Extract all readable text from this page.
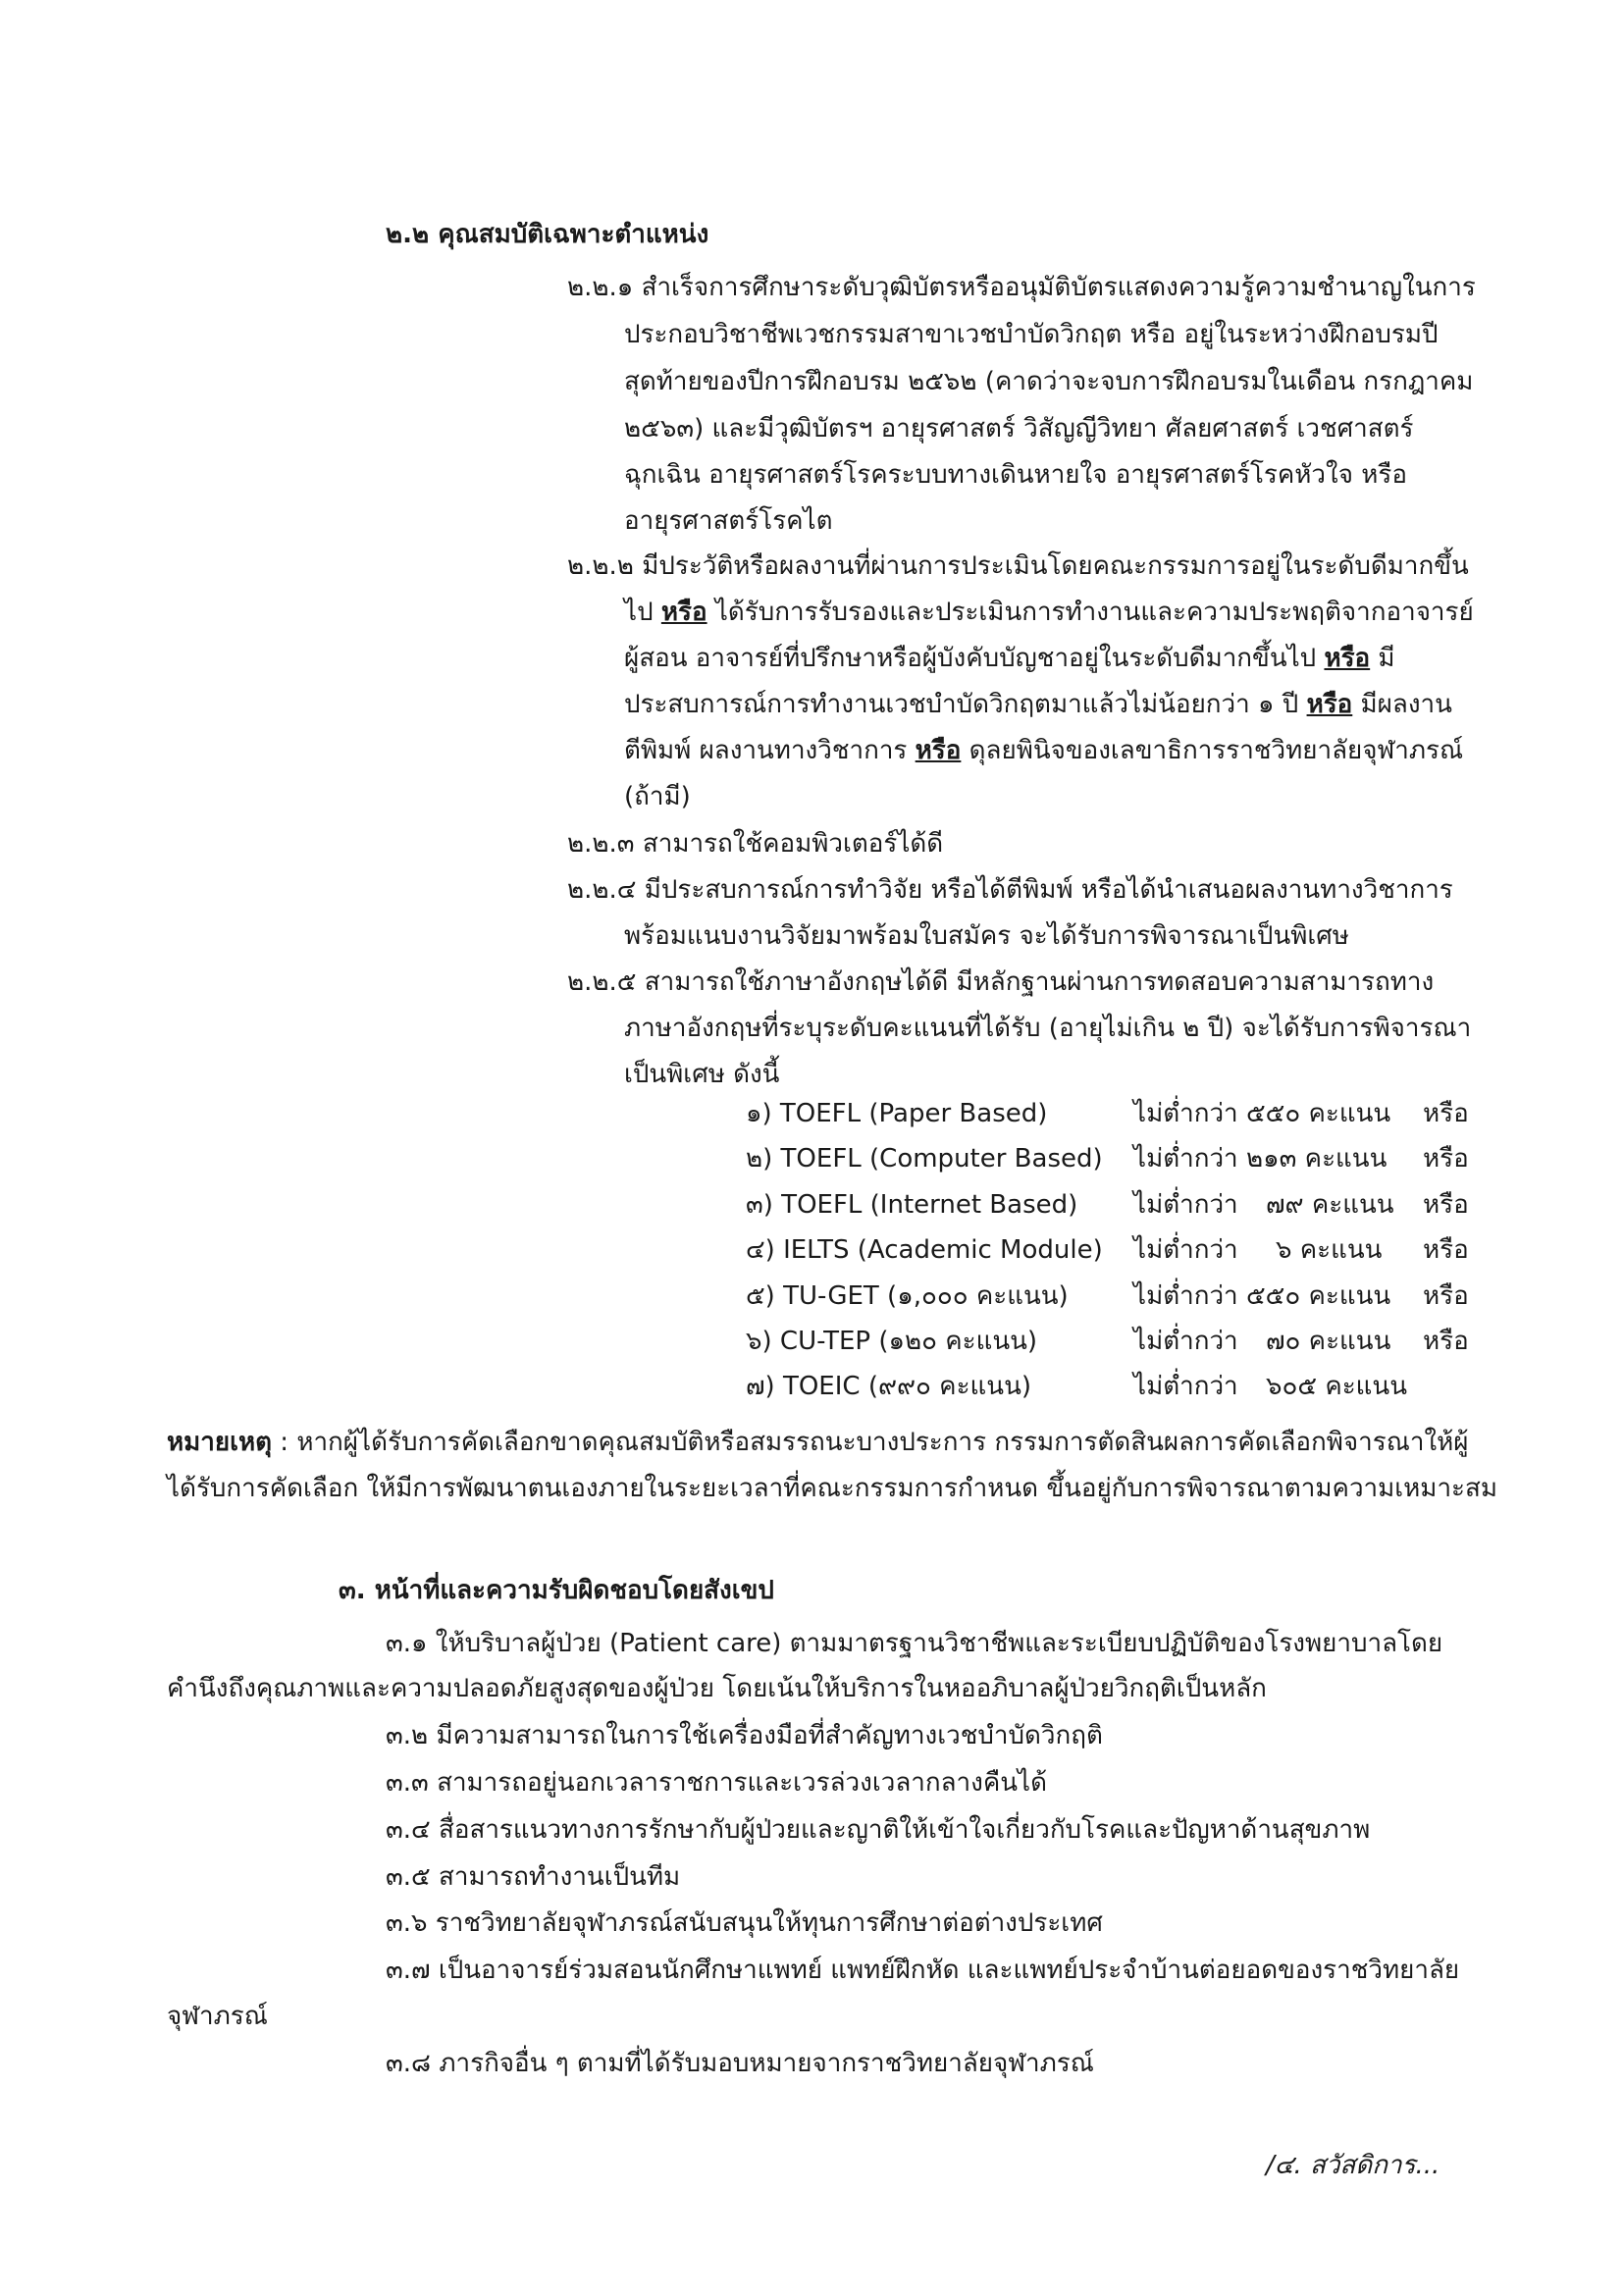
๒.๒ คุณสมบัติเฉพาะตำแหน่ง
๒.๒.๑ สำเร็จการศึกษาระดับวุฒิบัตรหรืออนุมัติบัตรแสดงความรู้ความชำนาญในการ
ประกอบวิชาชีพเวชกรรมสาขาเวชบำบัดวิกฤต หรือ อยู่ในระหว่างฝึกอบรมปี
สุดท้ายของปีการฝึกอบรม ๒๕๖๒ (คาดว่าจะจบการฝึกอบรมในเดือน กรกฎาคม
๒๕๖๓) และมีวุฒิบัตรฯ อายุรศาสตร์ วิสัญญีวิทยา ศัลยศาสตร์ เวชศาสตร์
ฉุกเฉิน อายุรศาสตร์โรคระบบทางเดินหายใจ อายุรศาสตร์โรคหัวใจ หรือ
อายุรศาสตร์โรคไต
๒.๒.๒ มีประวัติหรือผลงานที่ผ่านการประเมินโดยคณะกรรมการอยู่ในระดับดีมากขึ้น
ไป หรือ ได้รับการรับรองและประเมินการทำงานและความประพฤติจากอาจารย์
ผู้สอน อาจารย์ที่ปรึกษาหรือผู้บังคับบัญชาอยู่ในระดับดีมากขึ้นไป หรือ มี
ประสบการณ์การทำงานเวชบำบัดวิกฤตมาแล้วไม่น้อยกว่า ๑ ปี หรือ มีผลงาน
ตีพิมพ์ ผลงานทางวิชาการ หรือ ดุลยพินิจของเลขาธิการราชวิทยาลัยจุฬาภรณ์
(ถ้ามี)
๒.๒.๓ สามารถใช้คอมพิวเตอร์ได้ดี
๒.๒.๔ มีประสบการณ์การทำวิจัย หรือได้ตีพิมพ์ หรือได้นำเสนอผลงานทางวิชาการ
พร้อมแนบงานวิจัยมาพร้อมใบสมัคร จะได้รับการพิจารณาเป็นพิเศษ
๒.๒.๕ สามารถใช้ภาษาอังกฤษได้ดี มีหลักฐานผ่านการทดสอบความสามารถทาง
ภาษาอังกฤษที่ระบุระดับคะแนนที่ได้รับ (อายุไม่เกิน ๒ ปี) จะได้รับการพิจารณา
เป็นพิเศษ ดังนี้
๑) TOEFL (Paper Based)	ไม่ต่ำกว่า ๕๕๐ คะแนน หรือ
๒) TOEFL (Computer Based) ไม่ต่ำกว่า ๒๑๓ คะแนน หรือ
๓) TOEFL (Internet Based) ไม่ต่ำกว่า ๗๙ คะแนน หรือ
๔) IELTS (Academic Module) ไม่ต่ำกว่า ๖ คะแนน หรือ
๕) TU-GET (๑,๐๐๐ คะแนน)	ไม่ต่ำกว่า ๕๕๐ คะแนน หรือ
๖) CU-TEP (๑๒๐ คะแนน)	ไม่ต่ำกว่า ๗๐ คะแนน หรือ
๗) TOEIC (๙๙๐ คะแนน)	ไม่ต่ำกว่า ๖๐๕ คะแนน
หมายเหตุ : หากผู้ได้รับการคัดเลือกขาดคุณสมบัติหรือสมรรถนะบางประการ กรรมการตัดสินผลการคัดเลือกพิจารณาให้ผู้
ได้รับการคัดเลือก ให้มีการพัฒนาตนเองภายในระยะเวลาที่คณะกรรมการกำหนด ขึ้นอยู่กับการพิจารณาตามความเหมาะสม
๓. หน้าที่และความรับผิดชอบโดยสังเขป
๓.๑ ให้บริบาลผู้ป่วย (Patient care) ตามมาตรฐานวิชาชีพและระเบียบปฏิบัติของโรงพยาบาลโดย
คำนึงถึงคุณภาพและความปลอดภัยสูงสุดของผู้ป่วย โดยเน้นให้บริการในหออภิบาลผู้ป่วยวิกฤติเป็นหลัก
๓.๒ มีความสามารถในการใช้เครื่องมือที่สำคัญทางเวชบำบัดวิกฤติ
๓.๓ สามารถอยู่นอกเวลาราชการและเวรล่วงเวลากลางคืนได้
๓.๔ สื่อสารแนวทางการรักษากับผู้ป่วยและญาติให้เข้าใจเกี่ยวกับโรคและปัญหาด้านสุขภาพ
๓.๕ สามารถทำงานเป็นทีม
๓.๖ ราชวิทยาลัยจุฬาภรณ์สนับสนุนให้ทุนการศึกษาต่อต่างประเทศ
๓.๗ เป็นอาจารย์ร่วมสอนนักศึกษาแพทย์ แพทย์ฝึกหัด และแพทย์ประจำบ้านต่อยอดของราชวิทยาลัย
จุฬาภรณ์
๓.๘ ภารกิจอื่น ๆ ตามที่ได้รับมอบหมายจากราชวิทยาลัยจุฬาภรณ์
/๔. สวัสดิการ...
